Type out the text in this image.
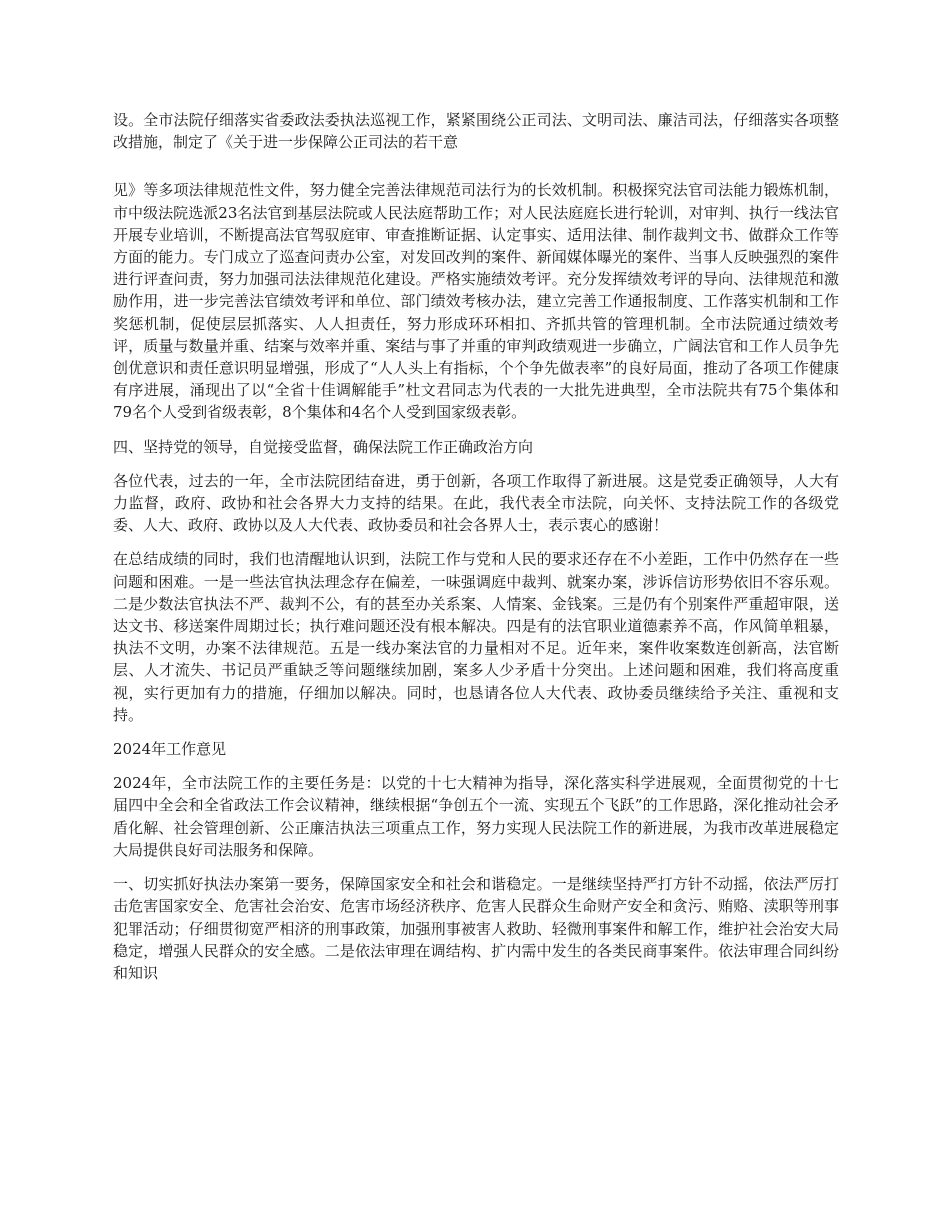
设。全市法院仔细落实省委政法委执法巡视工作，紧紧围绕公正司法、文明司法、廉洁司法，仔细落实各项整改措施，制定了《关于进一步保障公正司法的若干意

见》等多项法律规范性文件，努力健全完善法律规范司法行为的长效机制。积极探究法官司法能力锻炼机制，市中级法院选派23名法官到基层法院或人民法庭帮助工作；对人民法庭庭长进行轮训，对审判、执行一线法官开展专业培训，不断提高法官驾驭庭审、审查推断证据、认定事实、适用法律、制作裁判文书、做群众工作等方面的能力。专门成立了巡查问责办公室，对发回改判的案件、新闻媒体曝光的案件、当事人反映强烈的案件进行评查问责，努力加强司法法律规范化建设。严格实施绩效考评。充分发挥绩效考评的导向、法律规范和激励作用，进一步完善法官绩效考评和单位、部门绩效考核办法，建立完善工作通报制度、工作落实机制和工作奖惩机制，促使层层抓落实、人人担责任，努力形成环环相扣、齐抓共管的管理机制。全市法院通过绩效考评，质量与数量并重、结案与效率并重、案结与事了并重的审判政绩观进一步确立，广阔法官和工作人员争先创优意识和责任意识明显增强，形成了“人人头上有指标，个个争先做表率”的良好局面，推动了各项工作健康有序进展，涌现出了以“全省十佳调解能手”杜文君同志为代表的一大批先进典型，全市法院共有75个集体和79名个人受到省级表彰，8个集体和4名个人受到国家级表彰。

四、坚持党的领导，自觉接受监督，确保法院工作正确政治方向

各位代表，过去的一年，全市法院团结奋进，勇于创新，各项工作取得了新进展。这是党委正确领导，人大有力监督，政府、政协和社会各界大力支持的结果。在此，我代表全市法院，向关怀、支持法院工作的各级党委、人大、政府、政协以及人大代表、政协委员和社会各界人士，表示衷心的感谢！

在总结成绩的同时，我们也清醒地认识到，法院工作与党和人民的要求还存在不小差距，工作中仍然存在一些问题和困难。一是一些法官执法理念存在偏差，一味强调庭中裁判、就案办案，涉诉信访形势依旧不容乐观。二是少数法官执法不严、裁判不公，有的甚至办关系案、人情案、金钱案。三是仍有个别案件严重超审限，送达文书、移送案件周期过长；执行难问题还没有根本解决。四是有的法官职业道德素养不高，作风简单粗暴，执法不文明，办案不法律规范。五是一线办案法官的力量相对不足。近年来，案件收案数连创新高，法官断层、人才流失、书记员严重缺乏等问题继续加剧，案多人少矛盾十分突出。上述问题和困难，我们将高度重视，实行更加有力的措施，仔细加以解决。同时，也恳请各位人大代表、政协委员继续给予关注、重视和支持。

2024年工作意见

2024年，全市法院工作的主要任务是：以党的十七大精神为指导，深化落实科学进展观，全面贯彻党的十七届四中全会和全省政法工作会议精神，继续根据“争创五个一流、实现五个飞跃”的工作思路，深化推动社会矛盾化解、社会管理创新、公正廉洁执法三项重点工作，努力实现人民法院工作的新进展，为我市改革进展稳定大局提供良好司法服务和保障。

一、切实抓好执法办案第一要务，保障国家安全和社会和谐稳定。一是继续坚持严打方针不动摇，依法严厉打击危害国家安全、危害社会治安、危害市场经济秩序、危害人民群众生命财产安全和贪污、贿赂、渎职等刑事犯罪活动；仔细贯彻宽严相济的刑事政策，加强刑事被害人救助、轻微刑事案件和解工作，维护社会治安大局稳定，增强人民群众的安全感。二是依法审理在调结构、扩内需中发生的各类民商事案件。依法审理合同纠纷和知识
